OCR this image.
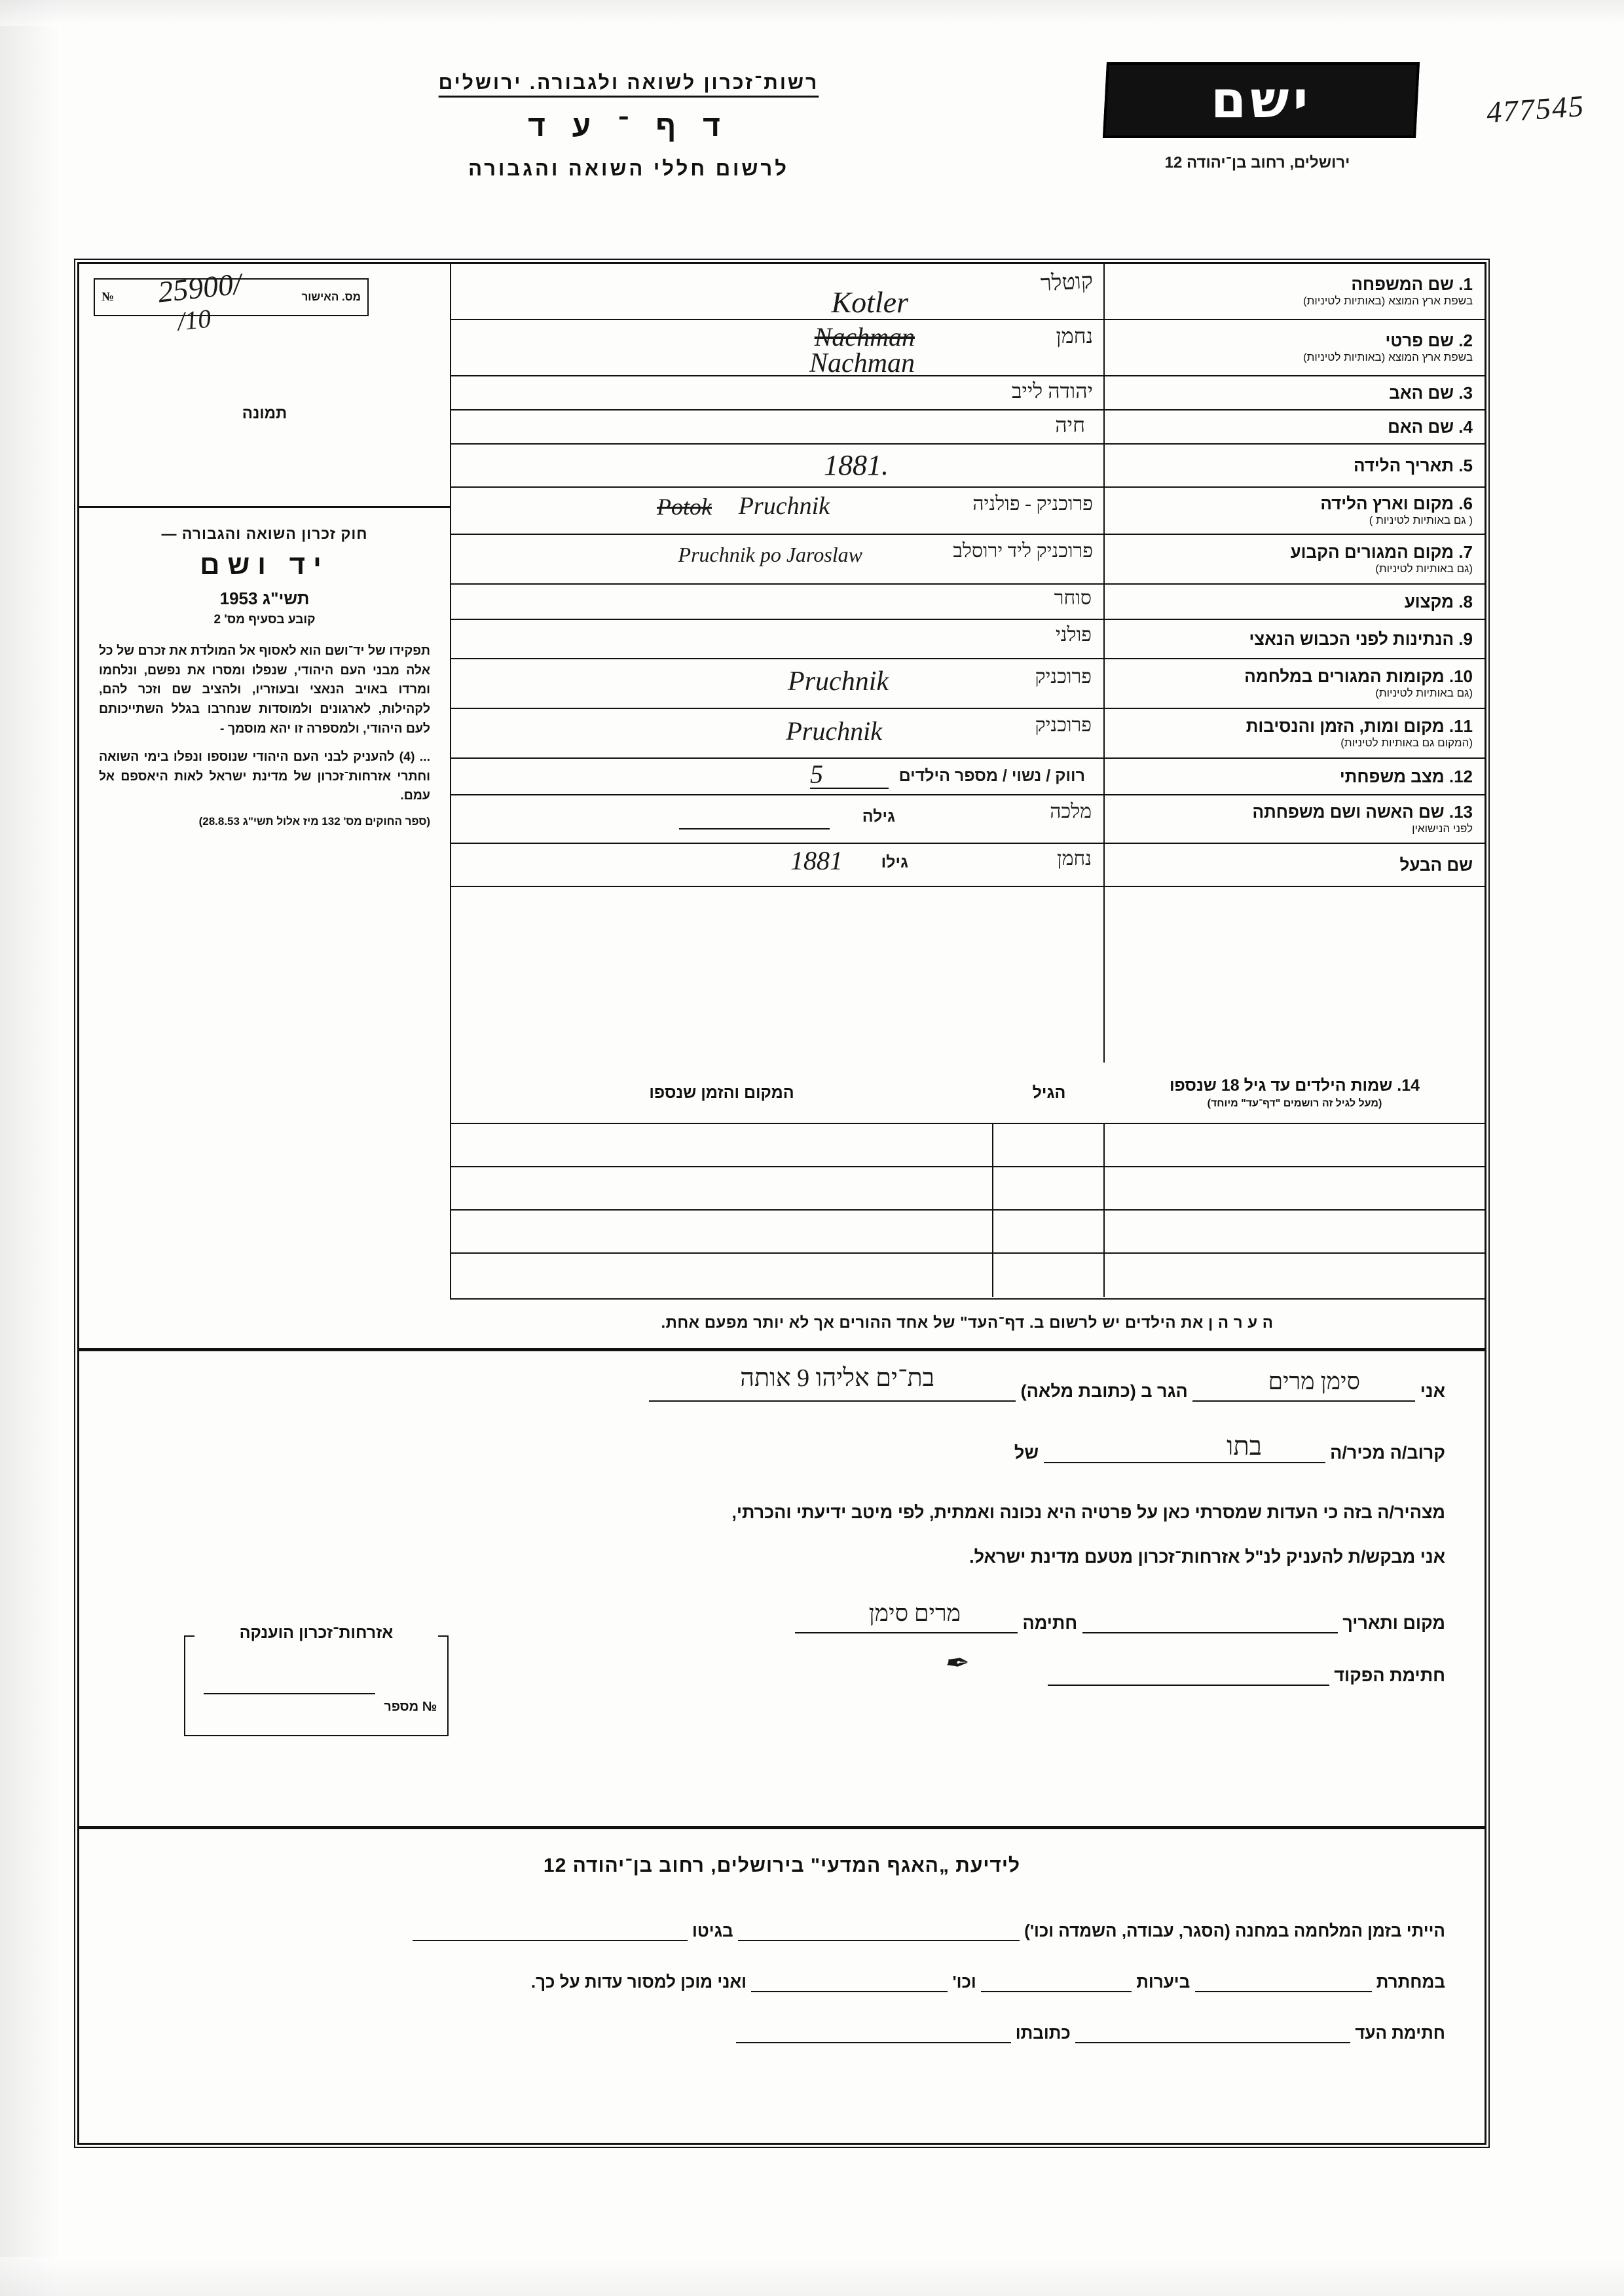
477545
ישם
ירושלים, רחוב בן־יהודה 12
רשות־זכרון לשואה ולגבורה. ירושלים
ד ף ־ ע ד
לרשום חללי השואה והגבורה
מס. האישור
№ 25900/
/10
תמונה
חוק זכרון השואה והגבורה —
יד ושם
תשי"ג 1953
קובע בסעיף מס' 2

תפקידו של יד־ושם הוא לאסוף אל המולדת את זכרם של כל אלה מבני העם היהודי, שנפלו ומסרו את נפשם, ונלחמו ומרדו באויב הנאצי ובעוזריו, ולהציב שם וזכר להם, לקהילות, לארגונים ולמוסדות שנחרבו בגלל השתייכותם לעם היהודי, ולמספרה זו יהא מוסמך -

... (4) להעניק לבני העם היהודי שנוספו ונפלו בימי השואה וחתרי אזרחות־זכרון של מדינת ישראל לאות היאספם אל עמם.

(ספר החוקים מס' 132 מיז אלול תשי"ג 28.8.53)
1. שם המשפחה
בשפת ארץ המוצא (באותיות לטיניות)
2. שם פרטי
בשפת ארץ המוצא (באותיות לטיניות)
3. שם האב
4. שם האם
5. תאריך הלידה
6. מקום וארץ הלידה
( גם באותיות לטיניות )
7. מקום המגורים הקבוע
(גם באותיות לטיניות)
8. מקצוע
9. הנתינות לפני הכבוש הנאצי
10. מקומות המגורים במלחמה
(גם באותיות לטיניות)
11. מקום ומות, הזמן והנסיבות
(המקום גם באותיות לטיניות)
12. מצב משפחתי
13. שם האשה ושם משפחתה
לפני הנישואין
שם הבעל
קוטלר
Kotler
נחמן
Nachman
Nachman
יהודה לייב
חיה
1881.
פרוכניק - פולניה
Potok Pruchnik
פרוכניק ליד ירוסלב
Pruchnik po Jaroslaw
סוחר
פולני
פרוכניק
Pruchnik
פרוכניק
Pruchnik
רווק / נשוי / מספר הילדים
5
מלכה
גילה
נחמן
גילו
1881
14. שמות הילדים עד גיל 18 שנספו
(מעל לגיל זה רושמים "דף־עד" מיוחד)
הגיל
המקום והזמן שנספו
ה ע ר ה ן את הילדים יש לרשום ב. דף־העד" של אחד ההורים אך לא יותר מפעם אחת.
אני  הגר ב (כתובת מלאה)	סימן מרים
בת־ים אליהו 9 אותה
קרוב/ה מכיר/ה  של	בתו
מצהיר/ה בזה כי העדות שמסרתי כאן על פרטיה היא נכונה ואמתית, לפי מיטב ידיעתי והכרתי,
אני מבקש/ת להעניק לנ"ל אזרחות־זכרון מטעם מדינת ישראל.
מקום ותאריך  חתימה
מרים סימן
חתימת הפקוד
✒
אזרחות־זכרון הוענקה
№ מספר
לידיעת „האגף המדעי" בירושלים, רחוב בן־יהודה 12
הייתי בזמן המלחמה במחנה (הסגר, עבודה, השמדה וכו')  בגיטו
במחתרת  ביערות  וכו'  ואני מוכן למסור עדות על כך.
חתימת העד  כתובתו
